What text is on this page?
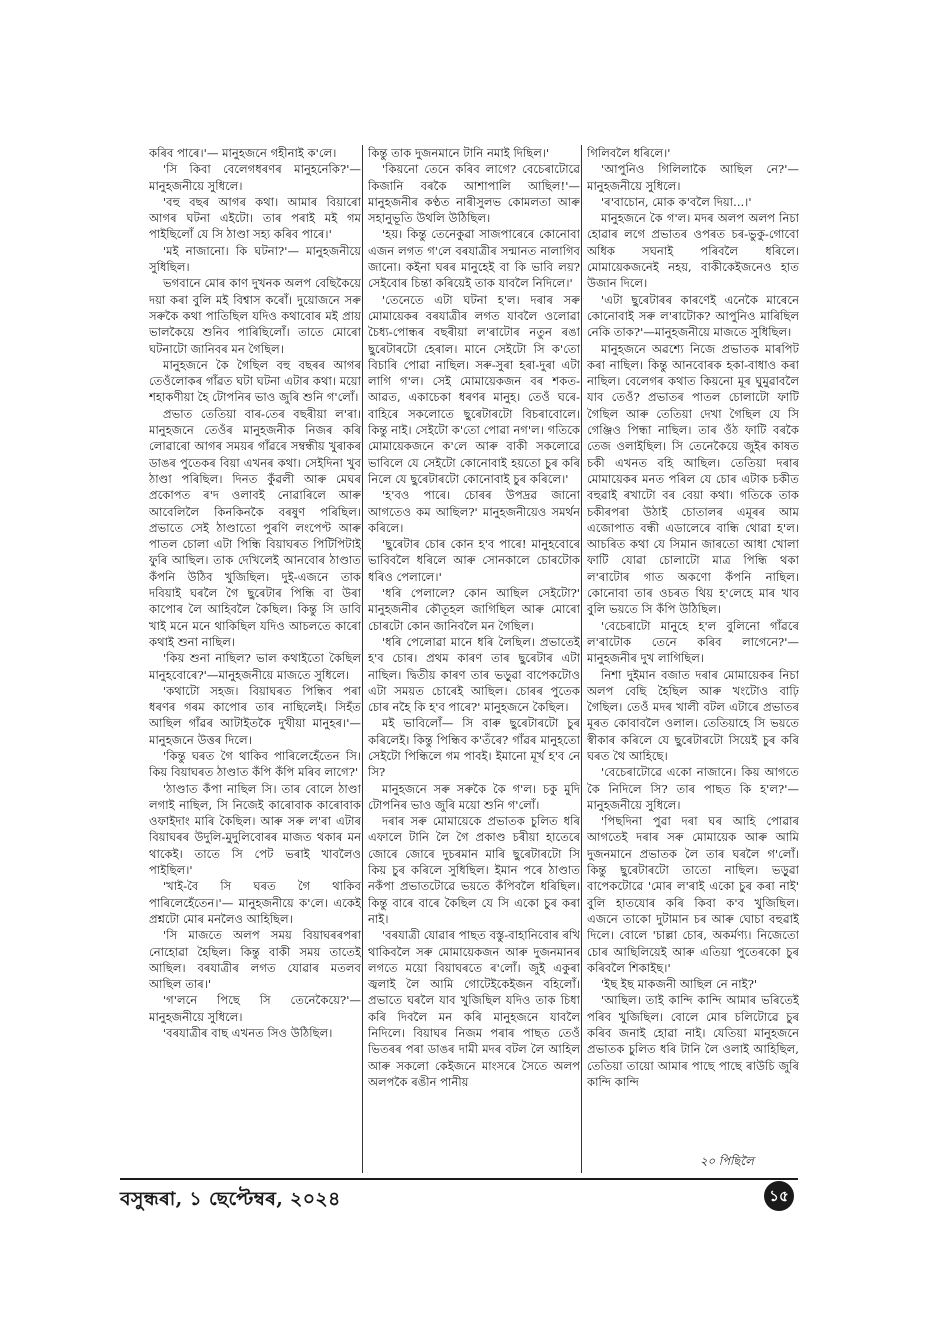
কৰিব পাৰে।'— মানুহজনে গহীনাই ক'লে।

'সি কিবা বেলেগধৰণৰ মানুহনেকি?'— মানুহজনীয়ে সুধিলে।

'বহু বছৰ আগৰ কথা। আমাৰ বিয়াৰো আগৰ ঘটনা এইটো। তাৰ পৰাই মই গম পাইছিলোঁ যে সি ঠাণ্ডা সহ্য কৰিব পাৰে।'

'মই নাজানো। কি ঘটনা?'— মানুহজনীয়ে সুধিছিল।

ভগবানে মোৰ কাণ দুখনক অলপ বেছিকৈয়ে দয়া কৰা বুলি মই বিশ্বাস কৰোঁ। দুয়োজনে সৰু সৰুকৈ কথা পাতিছিল যদিও কথাবোৰ মই প্ৰায় ভালকৈয়ে শুনিব পাৰিছিলোঁ। তাতে মোৰো ঘটনাটো জানিবৰ মন গৈছিল।

মানুহজনে কৈ গৈছিল বহু বছৰৰ আগৰ তেওঁলোকৰ গাঁৱত ঘটা ঘটনা এটাৰ কথা। ময়ো শহাকণীয়া হৈ টোপনিৰ ভাও জুৰি শুনি গ'লোঁ।

প্ৰভাত তেতিয়া বাৰ-তেৰ বছৰীয়া ল'ৰা। মানুহজনে তেওঁৰ মানুহজনীক নিজৰ কৰি লোৱাৰো আগৰ সময়ৰ গাঁৱৰে সম্বন্ধীয় খুৰাকৰ ডাঙৰ পুতেকৰ বিয়া এখনৰ কথা। সেইদিনা খুব ঠাণ্ডা পৰিছিল। দিনত কুঁৱলী আৰু মেঘৰ প্ৰকোপত ৰ'দ ওলাবই নোৱাৰিলে আৰু আবেলিলৈ কিনকিনকৈ বৰষুণ পৰিছিল। প্ৰভাতে সেই ঠাণ্ডাতো পুৰণি লংপেণ্ট আৰু পাতল চোলা এটা পিন্ধি বিয়াঘৰত পিটিপিটাই ফুৰি আছিল। তাক দেখিলেই আনবোৰ ঠাণ্ডাত কঁপনি উঠিব খুজিছিল। দুই-এজনে তাক দবিয়াই ঘৰলৈ গৈ ছুৰেটাৰ পিন্ধি বা উৰা কাপোৰ লৈ আহিবলৈ কৈছিল। কিন্তু সি ডাবি খাই মনে মনে থাকিছিল যদিও আচলতে কাৰো কথাই শুনা নাছিল।

'কিয় শুনা নাছিল? ভাল কথাইতো কৈছিল মানুহবোৰে?'—মানুহজনীয়ে মাজতে সুধিলে।

'কথাটো সহজ। বিয়াঘৰত পিন্ধিব পৰা ধৰণৰ গৰম কাপোৰ তাৰ নাছিলেই। সিহঁত আছিল গাঁৱৰ আটাইতকৈ দুখীয়া মানুহৰ।'— মানুহজনে উত্তৰ দিলে।

'কিন্তু ঘৰত গৈ থাকিব পাৰিলেহেঁতেন সি। কিয় বিয়াঘৰত ঠাণ্ডাত কঁপি কঁপি মৰিব লাগে?'

'ঠাণ্ডাত কঁপা নাছিল সি। তাৰ বোলে ঠাণ্ডা লগাই নাছিল, সি নিজেই কাৰোবাক কাৰোবাক ওফাইদাং মাৰি কৈছিল। আৰু সৰু ল'ৰা এটাৰ বিয়াঘৰৰ উদুলি-মুদুলিবোৰৰ মাজত থকাৰ মন থাকেই। তাতে সি পেট ভৰাই খাবলৈও পাইছিল।'

'খাই-বৈ সি ঘৰত গৈ থাকিব পাৰিলেহেঁতেন।'— মানুহজনীয়ে ক'লে। একেই প্ৰশ্নটো মোৰ মনলৈও আহিছিল।

'সি মাজতে অলপ সময় বিয়াঘৰৰপৰা নোহোৱা হৈছিল। কিন্তু বাকী সময় তাতেই আছিল। বৰযাত্ৰীৰ লগত যোৱাৰ মতলব আছিল তাৰ।'

'গ'লনে পিছে সি তেনেকৈয়ে?'— মানুহজনীয়ে সুধিলে।

'বৰযাত্ৰীৰ বাছ এখনত সিও উঠিছিল।

কিন্তু তাক দুজনমানে টানি নমাই দিছিল।'

'কিয়নো তেনে কৰিব লাগে? বেচেৰাটোৱে কিজানি বৰকৈ আশাপালি আছিল!'— মানুহজনীৰ কণ্ঠত নাৰীসুলভ কোমলতা আৰু সহানুভূতি উথলি উঠিছিল।

'হয়। কিন্তু তেনেকুৱা সাজপাৰেৰে কোনোবা এজন লগত গ'লে বৰযাত্ৰীৰ সন্মানত নালাগিব জানো। কইনা ঘৰৰ মানুহেই বা কি ভাবি লয়? সেইবোৰ চিন্তা কৰিয়েই তাক যাবলৈ নিদিলে।'

'তেনেতে এটা ঘটনা হ'ল। দৰাৰ সৰু মোমায়েকৰ বৰযাত্ৰীৰ লগত যাবলৈ ওলোৱা চৈধ্য-পোন্ধৰ বছৰীয়া ল'ৰাটোৰ নতুন ৰঙা ছুৰেটাৰটো হেৰাল। মানে সেইটো সি ক'তো বিচাৰি পোৱা নাছিল। সৰু-সুৰা হৰা-দুৰা এটা লাগি গ'ল। সেই মোমায়েকজন বৰ শকত-আৱত, একাচেকা ধৰণৰ মানুহ। তেওঁ ঘৰে-বাহিৰে সকলোতে ছুৰেটাৰটো বিচৰাবোলে। কিন্তু নাই। সেইটো ক'তো পোৱা নগ'ল। গতিকে মোমায়েকজনে ক'লে আৰু বাকী সকলোৱে ভাবিলে যে সেইটো কোনোবাই হয়তো চুৰ কৰি নিলে যে ছুৰেটাৰটো কোনোবাই চুৰ কৰিলে।'

'হ'বও পাৰে। চোৰৰ উপদ্ৰৱ জানো আগতেও কম আছিল?' মানুহজনীয়েও সমৰ্থন কৰিলে।

'ছুৰেটাৰ চোৰ কোন হ'ব পাৰে! মানুহবোৰে ভাবিবলৈ ধৰিলে আৰু সোনকালে চোৰটোক ধৰিও পেলালে।'

'ধৰি পেলালে? কোন আছিল সেইটো?' মানুহজনীৰ কৌতূহল জাগিছিল আৰু মোৰো চোৰটো কোন জানিবলৈ মন গৈছিল।

'ধৰি পেলোৱা মানে ধৰি লৈছিল। প্ৰভাতেই হ'ব চোৰ। প্ৰথম কাৰণ তাৰ ছুৰেটাৰ এটা নাছিল। দ্বিতীয় কাৰণ তাৰ ভড়ুৱা বাপেকটোও এটা সময়ত চোৰেই আছিল। চোৰৰ পুতেক চোৰ নহৈ কি হ'ব পাৰে?' মানুহজনে কৈছিল।

মই ভাবিলোঁ— সি বাৰু ছুৰেটাৰটো চুৰ কৰিলেই। কিন্তু পিন্ধিব ক'তঁৰে? গাঁৱৰ মানুহতো সেইটো পিন্ধিলে গম পাবই। ইমানো মূৰ্খ হ'ব নে সি?

মানুহজনে সৰু সৰুকৈ কৈ গ'ল। চকু মুদি টোপনিৰ ভাও জুৰি ময়ো শুনি গ'লোঁ।

দৰাৰ সৰু মোমায়েকে প্ৰভাতক চুলিত ধৰি এফালে টানি লৈ গৈ প্ৰকাণ্ড চৰীয়া হাতেৰে জোৰে জোৰে দুচৰমান মাৰি ছুৰেটাৰটো সি কিয় চুৰ কৰিলে সুধিছিল। ইমান পৰে ঠাণ্ডাত নকঁপা প্ৰভাতটোৱে ভয়তে কঁপিবলৈ ধৰিছিল। কিন্তু বাৰে বাৰে কৈছিল যে সি একো চুৰ কৰা নাই।

'বৰযাত্ৰী যোৱাৰ পাছত বস্তু-বাহানিবোৰ ৰখি থাকিবলৈ সৰু মোমায়েকজন আৰু দুজনমানৰ লগতে ময়ো বিয়াঘৰতে ৰ'লোঁ। জুই একুৰা জ্বলাই লৈ আমি গোটেইকেইজন বহিলোঁ। প্ৰভাতে ঘৰলৈ যাব খুজিছিল যদিও তাক চিধা কৰি দিবলৈ মন কৰি মানুহজনে যাবলৈ নিদিলে। বিয়াঘৰ নিজম পৰাৰ পাছত তেওঁ ভিতৰৰ পৰা ডাঙৰ দামী মদৰ বটল লৈ আহিল আৰু সকলো কেইজনে মাংসৰে সৈতে অলপ অলপকৈ ৰঙীন পানীয়

গিলিবলৈ ধৰিলে।'

'আপুনিও গিলিলাকৈ আছিল নে?'— মানুহজনীয়ে সুধিলে।

'ৰ'বাচোন, মোক ক'বলৈ দিয়া...।'

মানুহজনে কৈ গ'ল। মদৰ অলপ অলপ নিচা হোৱাৰ লগে প্ৰভাতৰ ওপৰত চৰ-ভুকু-গোবো অধিক সঘনাই পৰিবলৈ ধৰিলে। মোমায়েকজনেই নহয়, বাকীকেইজনেও হাত উজান দিলে।

'এটা ছুৰেটাৰৰ কাৰণেই এনেকৈ মাৰেনে কোনোবাই সৰু ল'ৰাটোক? আপুনিও মাৰিছিল নেকি তাক?'—মানুহজনীয়ে মাজতে সুধিছিল।

মানুহজনে অৱশ্যে নিজে প্ৰভাতক মাৰপিট কৰা নাছিল। কিন্তু আনবোৰক হকা-বাধাও কৰা নাছিল। বেলেগৰ কথাত কিয়নো মূৰ ঘুমুৱাবলৈ যাব তেওঁ? প্ৰভাতৰ পাতল চোলাটো ফাটি গৈছিল আৰু তেতিয়া দেখা গৈছিল যে সি গেঞ্জিও পিন্ধা নাছিল। তাৰ ওঁঠ ফাটি বৰকৈ তেজ ওলাইছিল। সি তেনেকৈয়ে জুইৰ কাষত চকী এখনত বহি আছিল। তেতিয়া দৰাৰ মোমায়েকৰ মনত পৰিল যে চোৰ এটাক চকীত বহুৱাই ৰখাটো বৰ বেয়া কথা। গতিকে তাক চকীৰপৰা উঠাই চোতালৰ এমূৰৰ আম এজোপাত বন্ধী এডালেৰে বান্ধি থোৱা হ'ল। আচৰিত কথা যে সিমান জাৰতো আধা খোলা ফাটি যোৱা চোলাটো মাত্ৰ পিন্ধি থকা ল'ৰাটোৰ গাত অকণো কঁপনি নাছিল। কোনোবা তাৰ ওচৰত থিয় হ'লেহে মাৰ খাব বুলি ভয়তে সি কঁপি উঠিছিল।

'বেচেৰাটো মানুহে হ'ল বুলিনো গাঁৱৰে ল'ৰাটোক তেনে কৰিব লাগেনে?'— মানুহজনীৰ দুখ লাগিছিল।

নিশা দুইমান বজাত দৰাৰ মোমায়েকৰ নিচা অলপ বেছি হৈছিল আৰু খংটোও বাঢ়ি গৈছিল। তেওঁ মদৰ খালী বটল এটাৰে প্ৰভাতৰ মূৰত কোবাবলৈ ওলাল। তেতিয়াহে সি ভয়তে স্বীকাৰ কৰিলে যে ছুৰেটাৰটো সিয়েই চুৰ কৰি ঘৰত থৈ আহিছে।

'বেচেৰাটোৱে একো নাজানে। কিয় আগতে কৈ নিদিলে সি? তাৰ পাছত কি হ'ল?'— মানুহজনীয়ে সুধিলে।

'পিছদিনা পুৱা দৰা ঘৰ আহি পোৱাৰ আগতেই দৰাৰ সৰু মোমায়েক আৰু আমি দুজনমানে প্ৰভাতক লৈ তাৰ ঘৰলৈ গ'লোঁ। কিন্তু ছুৰেটাৰটো তাতো নাছিল। ভড়ুৱা বাপেকটোৱে 'মোৰ ল'ৰাই একো চুৰ কৰা নাই' বুলি হাতযোৰ কৰি কিবা ক'ব খুজিছিল। এজনে তাকো দুটামান চৰ আৰু ঘোচা বহুৱাই দিলে। বোলে 'চাল্লা চোৰ, অকৰ্মণ্য। নিজেতো চোৰ আছিলিয়েই আৰু এতিয়া পুতেৰকো চুৰ কৰিবলৈ শিকাইছ।'

'ইছ ইছ মাকজনী আছিল নে নাই?'

'আছিল। তাই কান্দি কান্দি আমাৰ ভৰিতেই পৰিব খুজিছিল। বোলে মোৰ চলিটোৱে চুৰ কৰিব জনাই হোৱা নাই। যেতিয়া মানুহজনে প্ৰভাতক চুলিত ধৰি টানি লৈ ওলাই আহিছিল, তেতিয়া তায়ো আমাৰ পাছে পাছে ৰাউচি জুৰি কান্দি কান্দি

২০ পিছিলৈ
বসুন্ধৰা, ১ ছেপ্টেম্বৰ, ২০২৪	১৫
